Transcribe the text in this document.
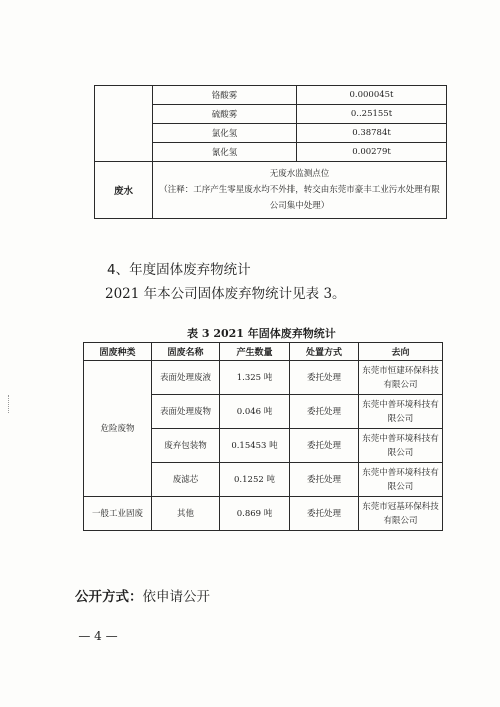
	铬酸雾	0.000045t
	硫酸雾	0..25155t
	氯化氢	0.38784t
	氰化氢	0.00279t
废水	无废水监测点位
（注释：工序产生零星废水均不外排，转交由东莞市豪丰工业污水处理有限
公司集中处理）	
4、年度固体废弃物统计
2021 年本公司固体废弃物统计见表 3。
表 3 2021 年固体废弃物统计
固废种类	固废名称	产生数量	处置方式	去向
危险废物	表面处理废液	1.325 吨	委托处理	东莞市恒建环保科技有限公司
	表面处理废物	0.046 吨	委托处理	东莞中普环境科技有限公司
	废弃包装物	0.15453 吨	委托处理	东莞中普环境科技有限公司
	废滤芯	0.1252 吨	委托处理	东莞中普环境科技有限公司
一般工业固废	其他	0.869 吨	委托处理	东莞市冠基环保科技有限公司
公开方式：依申请公开
— 4 —
